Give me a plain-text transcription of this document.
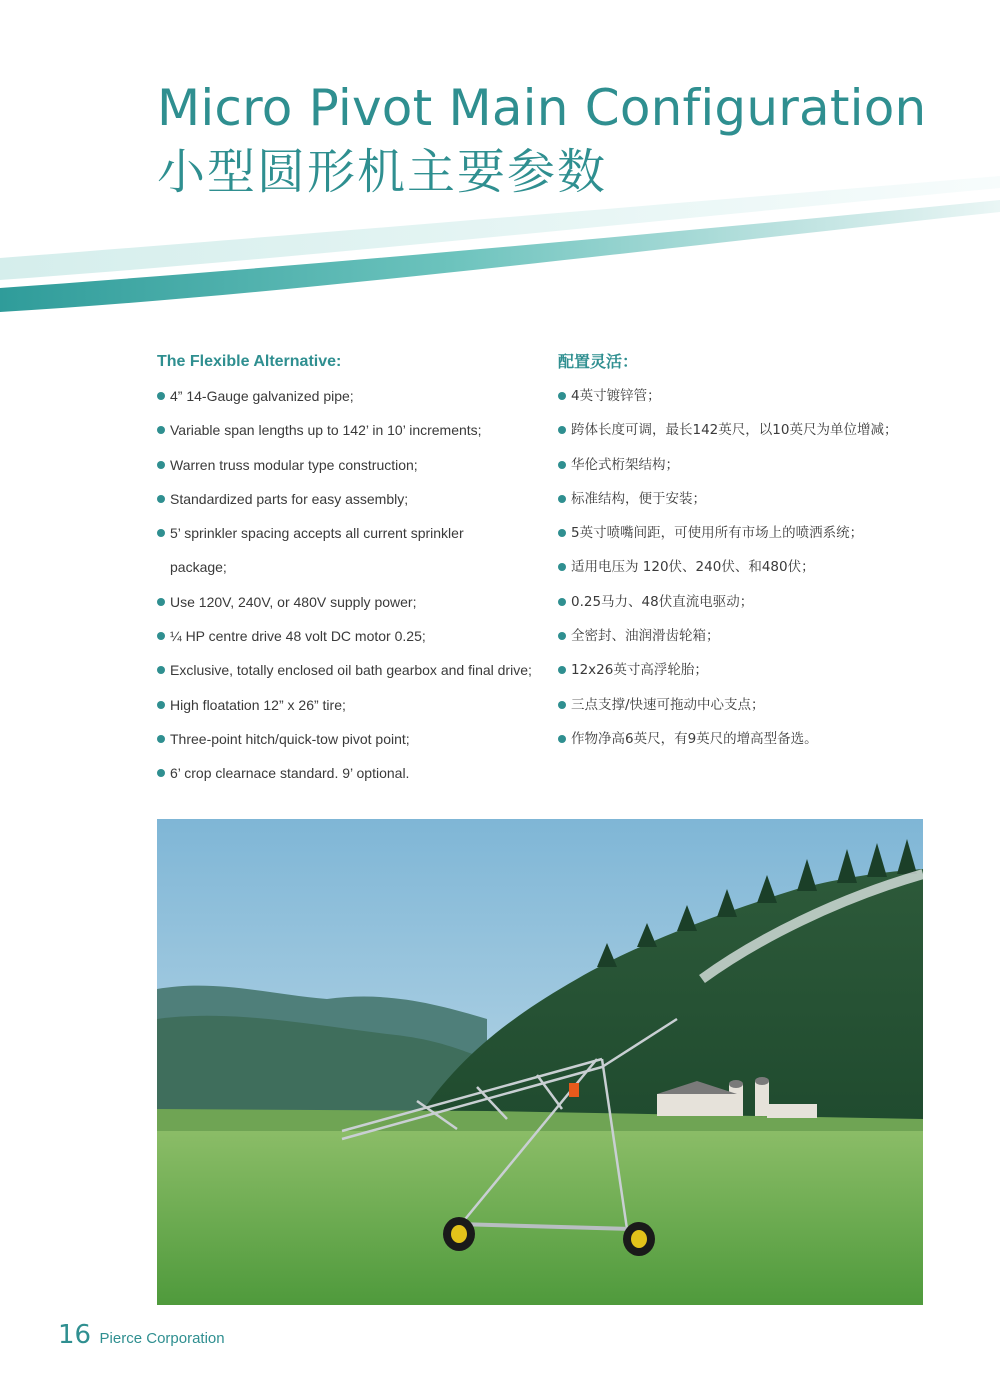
Micro Pivot Main Configuration
小型圆形机主要参数
The Flexible Alternative:
4” 14-Gauge galvanized pipe;
Variable span lengths up to 142’ in 10’ increments;
Warren truss modular type construction;
Standardized parts for easy assembly;
5’ sprinkler spacing accepts all current sprinkler
package;
Use 120V, 240V, or 480V supply power;
¼ HP centre drive 48 volt DC motor 0.25;
Exclusive, totally enclosed oil bath gearbox and final drive;
High floatation 12” x 26” tire;
Three-point hitch/quick-tow pivot point;
6’ crop clearnace standard. 9’ optional.
配置灵活：
4英寸镀锌管；
跨体长度可调，最长142英尺，以10英尺为单位增减；
华伦式桁架结构；
标准结构，便于安装；
5英寸喷嘴间距，可使用所有市场上的喷洒系统；
适用电压为 120伏、240伏、和480伏；
0.25马力、48伏直流电驱动；
全密封、油润滑齿轮箱；
12x26英寸高浮轮胎；
三点支撑/快速可拖动中心支点；
作物净高6英尺，有9英尺的增高型备选。
16 Pierce Corporation
